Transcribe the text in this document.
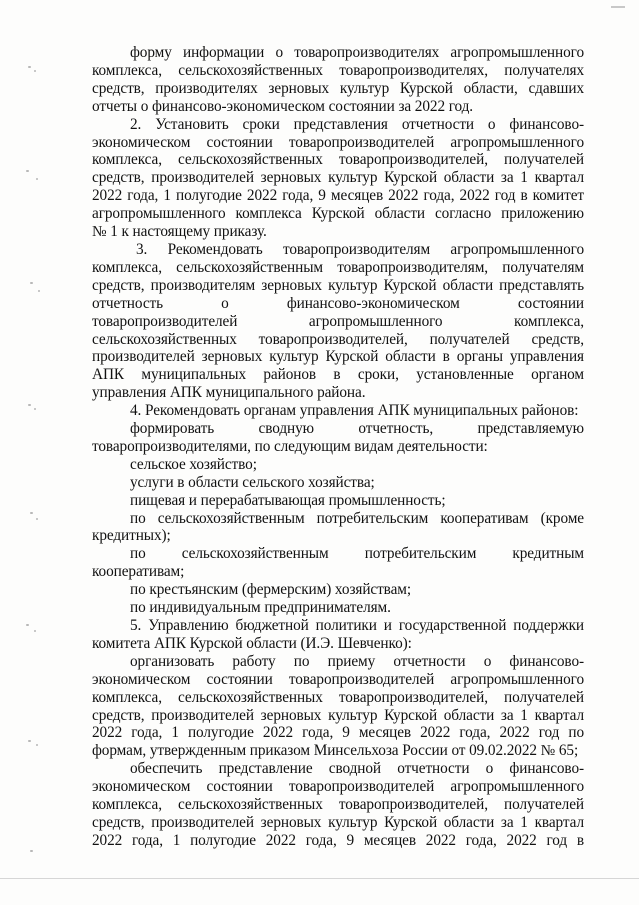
форму информации о товаропроизводителях агропромышленного
комплекса, сельскохозяйственных товаропроизводителях, получателях
средств, производителях зерновых культур Курской области, сдавших
отчеты о финансово-экономическом состоянии за 2022 год.
2. Установить сроки представления отчетности о финансово-
экономическом состоянии товаропроизводителей агропромышленного
комплекса, сельскохозяйственных товаропроизводителей, получателей
средств, производителей зерновых культур Курской области за 1 квартал
2022 года, 1 полугодие 2022 года, 9 месяцев 2022 года, 2022 год в комитет
агропромышленного комплекса Курской области согласно приложению
№ 1 к настоящему приказу.
3. Рекомендовать товаропроизводителям агропромышленного
комплекса, сельскохозяйственным товаропроизводителям, получателям
средств, производителям зерновых культур Курской области представлять
отчетность о финансово-экономическом состоянии
товаропроизводителей агропромышленного комплекса,
сельскохозяйственных товаропроизводителей, получателей средств,
производителей зерновых культур Курской области в органы управления
АПК муниципальных районов в сроки, установленные органом
управления АПК муниципального района.
4. Рекомендовать органам управления АПК муниципальных районов:
формировать сводную отчетность, представляемую
товаропроизводителями, по следующим видам деятельности:
сельское хозяйство;
услуги в области сельского хозяйства;
пищевая и перерабатывающая промышленность;
по сельскохозяйственным потребительским кооперативам (кроме
кредитных);
по сельскохозяйственным потребительским кредитным
кооперативам;
по крестьянским (фермерским) хозяйствам;
по индивидуальным предпринимателям.
5. Управлению бюджетной политики и государственной поддержки
комитета АПК Курской области (И.Э. Шевченко):
организовать работу по приему отчетности о финансово-
экономическом состоянии товаропроизводителей агропромышленного
комплекса, сельскохозяйственных товаропроизводителей, получателей
средств, производителей зерновых культур Курской области за 1 квартал
2022 года, 1 полугодие 2022 года, 9 месяцев 2022 года, 2022 год по
формам, утвержденным приказом Минсельхоза России от 09.02.2022 № 65;
обеспечить представление сводной отчетности о финансово-
экономическом состоянии товаропроизводителей агропромышленного
комплекса, сельскохозяйственных товаропроизводителей, получателей
средств, производителей зерновых культур Курской области за 1 квартал
2022 года, 1 полугодие 2022 года, 9 месяцев 2022 года, 2022 год в
